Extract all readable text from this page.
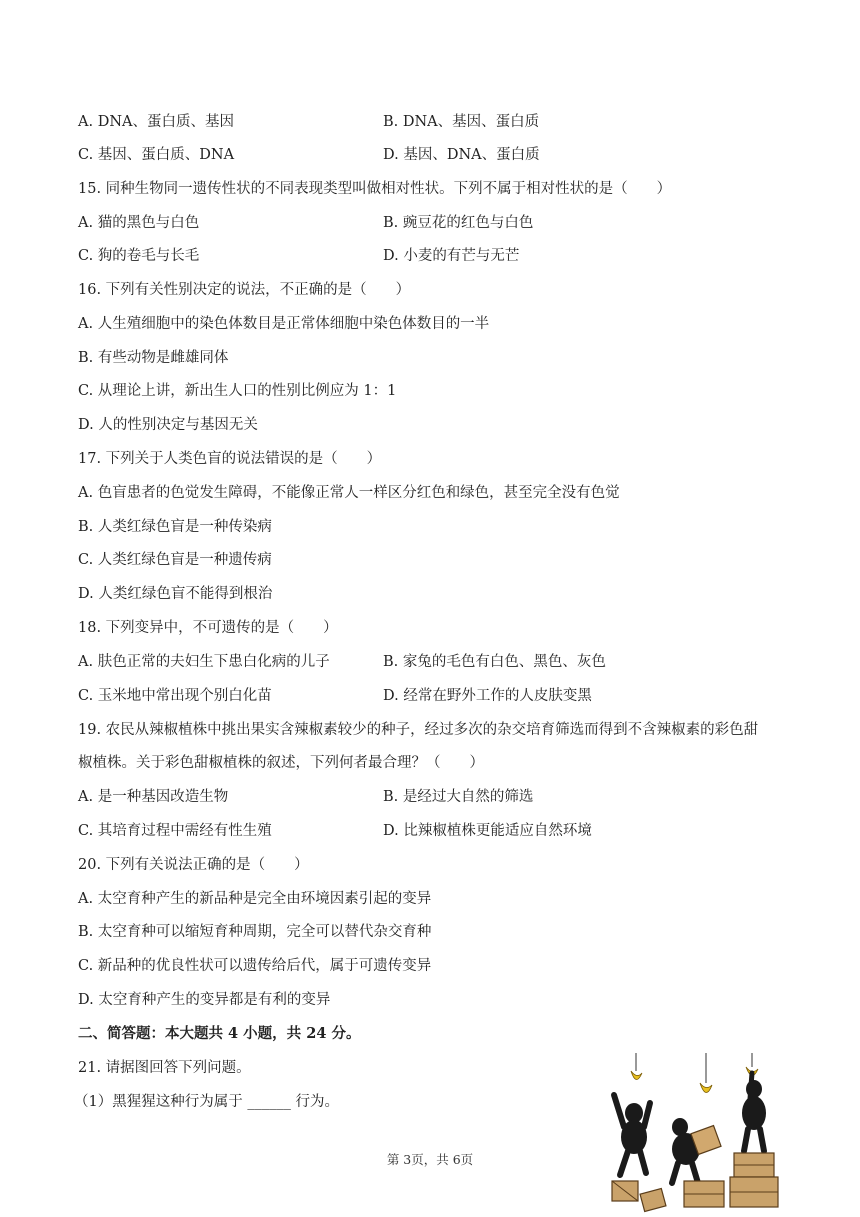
A. DNA、蛋白质、基因	B. DNA、基因、蛋白质
C. 基因、蛋白质、DNA	D. 基因、DNA、蛋白质
15. 同种生物同一遗传性状的不同表现类型叫做相对性状。下列不属于相对性状的是（　　）
A. 猫的黑色与白色	B. 豌豆花的红色与白色
C. 狗的卷毛与长毛	D. 小麦的有芒与无芒
16. 下列有关性别决定的说法，不正确的是（　　）
A. 人生殖细胞中的染色体数目是正常体细胞中染色体数目的一半
B. 有些动物是雌雄同体
C. 从理论上讲，新出生人口的性别比例应为 1：1
D. 人的性别决定与基因无关
17. 下列关于人类色盲的说法错误的是（　　）
A. 色盲患者的色觉发生障碍，不能像正常人一样区分红色和绿色，甚至完全没有色觉
B. 人类红绿色盲是一种传染病
C. 人类红绿色盲是一种遗传病
D. 人类红绿色盲不能得到根治
18. 下列变异中，不可遗传的是（　　）
A. 肤色正常的夫妇生下患白化病的儿子	B. 家兔的毛色有白色、黑色、灰色
C. 玉米地中常出现个别白化苗	D. 经常在野外工作的人皮肤变黑
19. 农民从辣椒植株中挑出果实含辣椒素较少的种子，经过多次的杂交培育筛选而得到不含辣椒素的彩色甜
椒植株。关于彩色甜椒植株的叙述，下列何者最合理？（　　）
A. 是一种基因改造生物	B. 是经过大自然的筛选
C. 其培育过程中需经有性生殖	D. 比辣椒植株更能适应自然环境
20. 下列有关说法正确的是（　　）
A. 太空育种产生的新品种是完全由环境因素引起的变异
B. 太空育种可以缩短育种周期，完全可以替代杂交育种
C. 新品种的优良性状可以遗传给后代，属于可遗传变异
D. 太空育种产生的变异都是有利的变异
二、简答题：本大题共 4 小题，共 24 分。
21. 请据图回答下列问题。
（1）黑猩猩这种行为属于 ______ 行为。
第 3页，共 6页
